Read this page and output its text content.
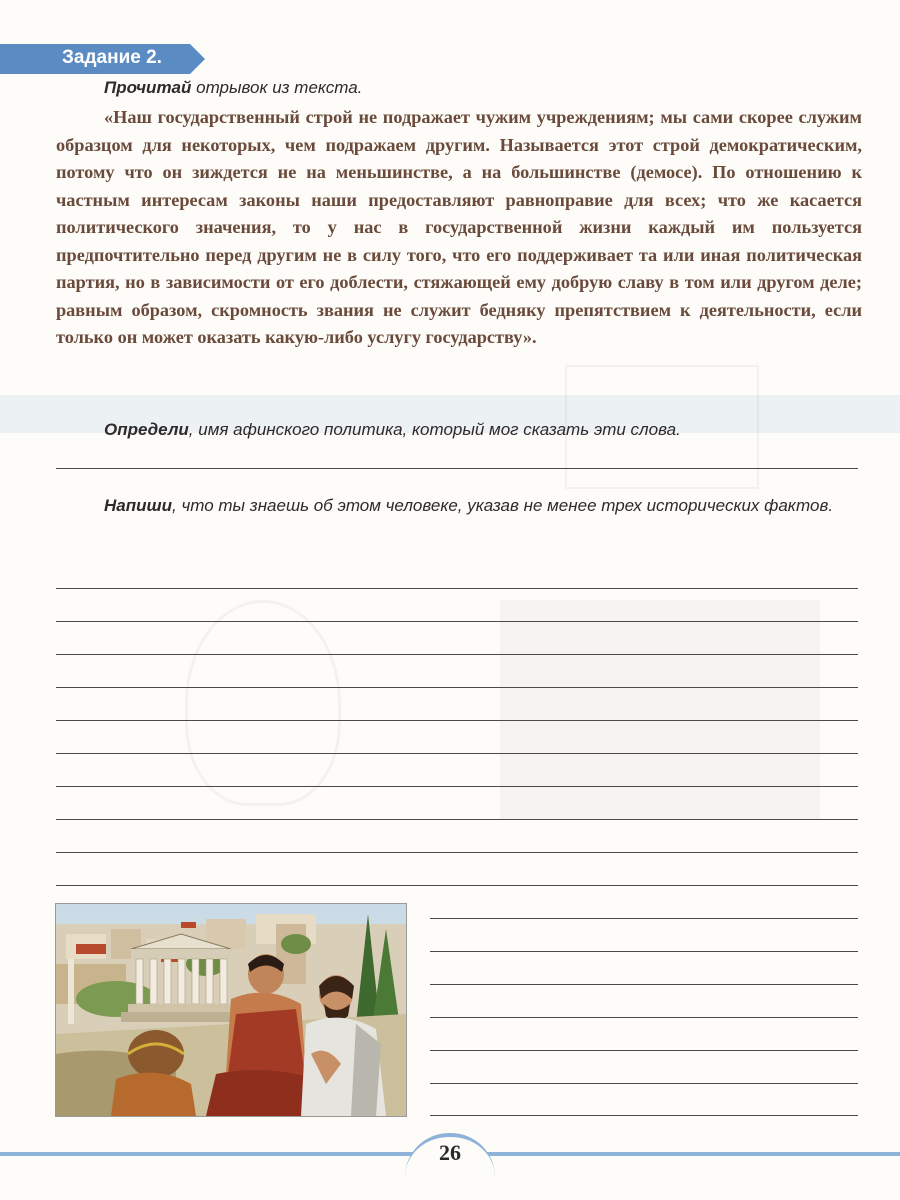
Задание 2.
Прочитай отрывок из текста.

«Наш государственный строй не подражает чужим учреждениям; мы сами скорее служим образцом для некоторых, чем подражаем другим. Называется этот строй демократическим, потому что он зиждется не на меньшинстве, а на большинстве (демосе). По отношению к частным интересам законы наши предоставляют равноправие для всех; что же касается политического значения, то у нас в государственной жизни каждый им пользуется предпочтительно перед другим не в силу того, что его поддерживает та или иная политическая партия, но в зависимости от его доблести, стяжающей ему добрую славу в том или другом деле; равным образом, скромность звания не служит бедняку препятствием к деятельности, если только он может оказать какую-либо услугу государству».

Определи, имя афинского политика, который мог сказать эти слова.
Напиши, что ты знаешь об этом человеке, указав не менее трех исторических фактов.
26
